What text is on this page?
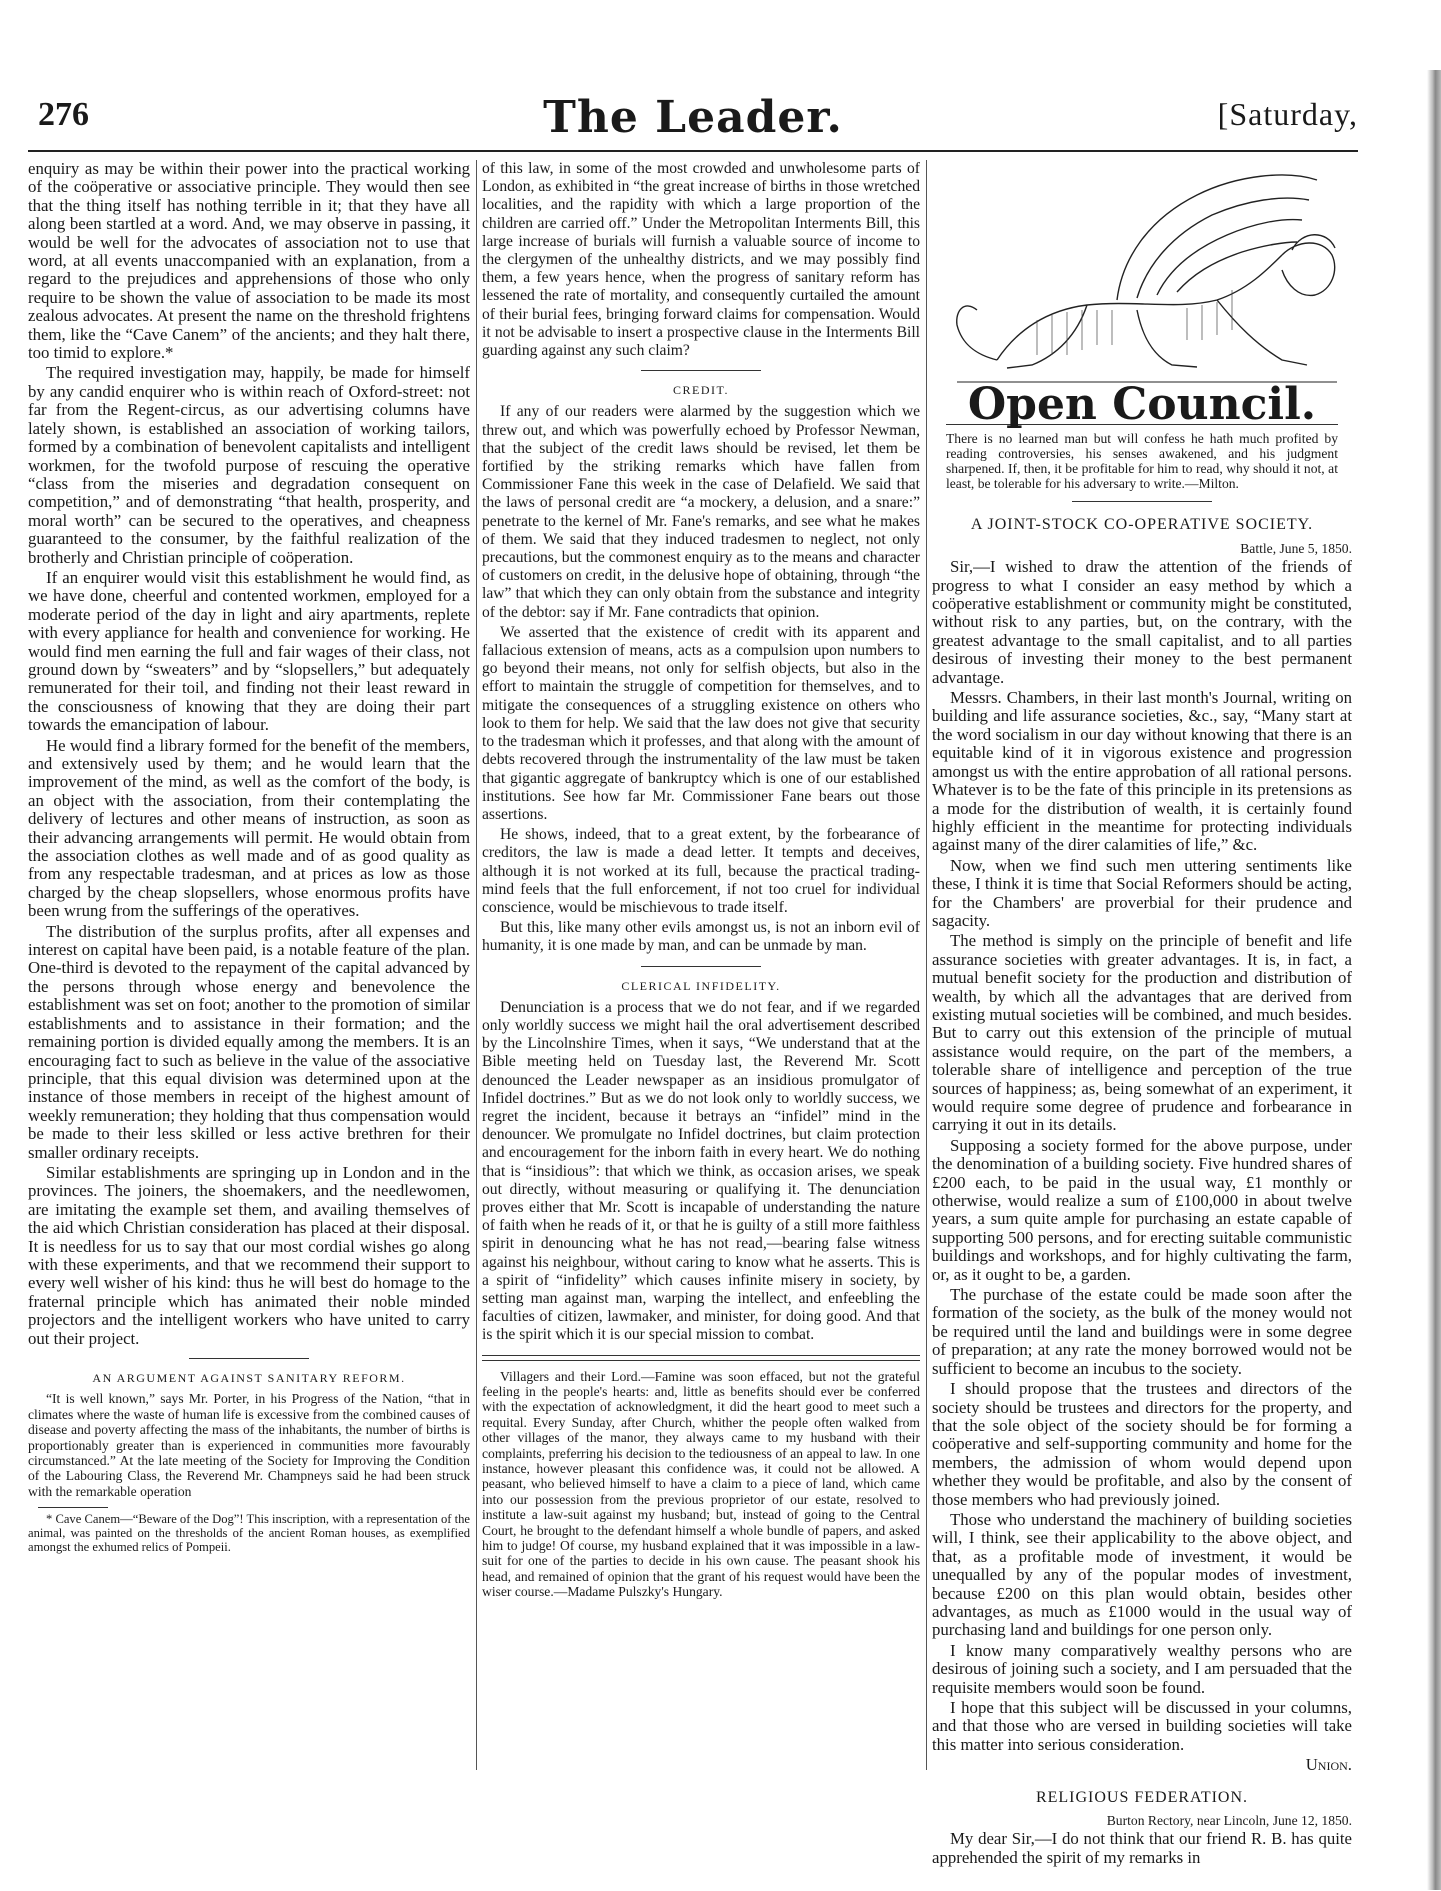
276	The Leader.	[Saturday,

enquiry as may be within their power into the practical working of the coöperative or associative principle. They would then see that the thing itself has nothing terrible in it; that they have all along been startled at a word. And, we may observe in passing, it would be well for the advocates of association not to use that word, at all events unaccompanied with an explanation, from a regard to the prejudices and apprehensions of those who only require to be shown the value of association to be made its most zealous advocates. At present the name on the threshold frightens them, like the “Cave Canem” of the ancients; and they halt there, too timid to explore.*

The required investigation may, happily, be made for himself by any candid enquirer who is within reach of Oxford-street: not far from the Regent-circus, as our advertising columns have lately shown, is established an association of working tailors, formed by a combination of benevolent capitalists and intelligent workmen, for the twofold purpose of rescuing the operative “class from the miseries and degradation consequent on competition,” and of demonstrating “that health, prosperity, and moral worth” can be secured to the operatives, and cheapness guaranteed to the consumer, by the faithful realization of the brotherly and Christian principle of coöperation.

If an enquirer would visit this establishment he would find, as we have done, cheerful and contented workmen, employed for a moderate period of the day in light and airy apartments, replete with every appliance for health and convenience for working. He would find men earning the full and fair wages of their class, not ground down by “sweaters” and by “slopsellers,” but adequately remunerated for their toil, and finding not their least reward in the consciousness of knowing that they are doing their part towards the emancipation of labour.

He would find a library formed for the benefit of the members, and extensively used by them; and he would learn that the improvement of the mind, as well as the comfort of the body, is an object with the association, from their contemplating the delivery of lectures and other means of instruction, as soon as their advancing arrangements will permit. He would obtain from the association clothes as well made and of as good quality as from any respectable tradesman, and at prices as low as those charged by the cheap slopsellers, whose enormous profits have been wrung from the sufferings of the operatives.

The distribution of the surplus profits, after all expenses and interest on capital have been paid, is a notable feature of the plan. One-third is devoted to the repayment of the capital advanced by the persons through whose energy and benevolence the establishment was set on foot; another to the promotion of similar establishments and to assistance in their formation; and the remaining portion is divided equally among the members. It is an encouraging fact to such as believe in the value of the associative principle, that this equal division was determined upon at the instance of those members in receipt of the highest amount of weekly remuneration; they holding that thus compensation would be made to their less skilled or less active brethren for their smaller ordinary receipts.

Similar establishments are springing up in London and in the provinces. The joiners, the shoemakers, and the needlewomen, are imitating the example set them, and availing themselves of the aid which Christian consideration has placed at their disposal. It is needless for us to say that our most cordial wishes go along with these experiments, and that we recommend their support to every well wisher of his kind: thus he will best do homage to the fraternal principle which has animated their noble minded projectors and the intelligent workers who have united to carry out their project.

AN ARGUMENT AGAINST SANITARY REFORM.

“It is well known,” says Mr. Porter, in his Progress of the Nation, “that in climates where the waste of human life is excessive from the combined causes of disease and poverty affecting the mass of the inhabitants, the number of births is proportionably greater than is experienced in communities more favourably circumstanced.” At the late meeting of the Society for Improving the Condition of the Labouring Class, the Reverend Mr. Champneys said he had been struck with the remarkable operation

* Cave Canem—“Beware of the Dog”! This inscription, with a representation of the animal, was painted on the thresholds of the ancient Roman houses, as exemplified amongst the exhumed relics of Pompeii.

of this law, in some of the most crowded and unwholesome parts of London, as exhibited in “the great increase of births in those wretched localities, and the rapidity with which a large proportion of the children are carried off.” Under the Metropolitan Interments Bill, this large increase of burials will furnish a valuable source of income to the clergymen of the unhealthy districts, and we may possibly find them, a few years hence, when the progress of sanitary reform has lessened the rate of mortality, and consequently curtailed the amount of their burial fees, bringing forward claims for compensation. Would it not be advisable to insert a prospective clause in the Interments Bill guarding against any such claim?

CREDIT.

If any of our readers were alarmed by the suggestion which we threw out, and which was powerfully echoed by Professor Newman, that the subject of the credit laws should be revised, let them be fortified by the striking remarks which have fallen from Commissioner Fane this week in the case of Delafield. We said that the laws of personal credit are “a mockery, a delusion, and a snare:” penetrate to the kernel of Mr. Fane's remarks, and see what he makes of them. We said that they induced tradesmen to neglect, not only precautions, but the commonest enquiry as to the means and character of customers on credit, in the delusive hope of obtaining, through “the law” that which they can only obtain from the substance and integrity of the debtor: say if Mr. Fane contradicts that opinion.

We asserted that the existence of credit with its apparent and fallacious extension of means, acts as a compulsion upon numbers to go beyond their means, not only for selfish objects, but also in the effort to maintain the struggle of competition for themselves, and to mitigate the consequences of a struggling existence on others who look to them for help. We said that the law does not give that security to the tradesman which it professes, and that along with the amount of debts recovered through the instrumentality of the law must be taken that gigantic aggregate of bankruptcy which is one of our established institutions. See how far Mr. Commissioner Fane bears out those assertions.

He shows, indeed, that to a great extent, by the forbearance of creditors, the law is made a dead letter. It tempts and deceives, although it is not worked at its full, because the practical trading-mind feels that the full enforcement, if not too cruel for individual conscience, would be mischievous to trade itself.

But this, like many other evils amongst us, is not an inborn evil of humanity, it is one made by man, and can be unmade by man.

CLERICAL INFIDELITY.

Denunciation is a process that we do not fear, and if we regarded only worldly success we might hail the oral advertisement described by the Lincolnshire Times, when it says, “We understand that at the Bible meeting held on Tuesday last, the Reverend Mr. Scott denounced the Leader newspaper as an insidious promulgator of Infidel doctrines.” But as we do not look only to worldly success, we regret the incident, because it betrays an “infidel” mind in the denouncer. We promulgate no Infidel doctrines, but claim protection and encouragement for the inborn faith in every heart. We do nothing that is “insidious”: that which we think, as occasion arises, we speak out directly, without measuring or qualifying it. The denunciation proves either that Mr. Scott is incapable of understanding the nature of faith when he reads of it, or that he is guilty of a still more faithless spirit in denouncing what he has not read,—bearing false witness against his neighbour, without caring to know what he asserts. This is a spirit of “infidelity” which causes infinite misery in society, by setting man against man, warping the intellect, and enfeebling the faculties of citizen, lawmaker, and minister, for doing good. And that is the spirit which it is our special mission to combat.

Villagers and their Lord.—Famine was soon effaced, but not the grateful feeling in the people's hearts: and, little as benefits should ever be conferred with the expectation of acknowledgment, it did the heart good to meet such a requital. Every Sunday, after Church, whither the people often walked from other villages of the manor, they always came to my husband with their complaints, preferring his decision to the tediousness of an appeal to law. In one instance, however pleasant this confidence was, it could not be allowed. A peasant, who believed himself to have a claim to a piece of land, which came into our possession from the previous proprietor of our estate, resolved to institute a law-suit against my husband; but, instead of going to the Central Court, he brought to the defendant himself a whole bundle of papers, and asked him to judge! Of course, my husband explained that it was impossible in a law-suit for one of the parties to decide in his own cause. The peasant shook his head, and remained of opinion that the grant of his request would have been the wiser course.—Madame Pulszky's Hungary.

Open Council.

There is no learned man but will confess he hath much profited by reading controversies, his senses awakened, and his judgment sharpened. If, then, it be profitable for him to read, why should it not, at least, be tolerable for his adversary to write.—Milton.

A JOINT-STOCK CO-OPERATIVE SOCIETY.

Battle, June 5, 1850.

Sir,—I wished to draw the attention of the friends of progress to what I consider an easy method by which a coöperative establishment or community might be constituted, without risk to any parties, but, on the contrary, with the greatest advantage to the small capitalist, and to all parties desirous of investing their money to the best permanent advantage.

Messrs. Chambers, in their last month's Journal, writing on building and life assurance societies, &c., say, “Many start at the word socialism in our day without knowing that there is an equitable kind of it in vigorous existence and progression amongst us with the entire approbation of all rational persons. Whatever is to be the fate of this principle in its pretensions as a mode for the distribution of wealth, it is certainly found highly efficient in the meantime for protecting individuals against many of the direr calamities of life,” &c.

Now, when we find such men uttering sentiments like these, I think it is time that Social Reformers should be acting, for the Chambers' are proverbial for their prudence and sagacity.

The method is simply on the principle of benefit and life assurance societies with greater advantages. It is, in fact, a mutual benefit society for the production and distribution of wealth, by which all the advantages that are derived from existing mutual societies will be combined, and much besides. But to carry out this extension of the principle of mutual assistance would require, on the part of the members, a tolerable share of intelligence and perception of the true sources of happiness; as, being somewhat of an experiment, it would require some degree of prudence and forbearance in carrying it out in its details.

Supposing a society formed for the above purpose, under the denomination of a building society. Five hundred shares of £200 each, to be paid in the usual way, £1 monthly or otherwise, would realize a sum of £100,000 in about twelve years, a sum quite ample for purchasing an estate capable of supporting 500 persons, and for erecting suitable communistic buildings and workshops, and for highly cultivating the farm, or, as it ought to be, a garden.

The purchase of the estate could be made soon after the formation of the society, as the bulk of the money would not be required until the land and buildings were in some degree of preparation; at any rate the money borrowed would not be sufficient to become an incubus to the society.

I should propose that the trustees and directors of the society should be trustees and directors for the property, and that the sole object of the society should be for forming a coöperative and self-supporting community and home for the members, the admission of whom would depend upon whether they would be profitable, and also by the consent of those members who had previously joined.

Those who understand the machinery of building societies will, I think, see their applicability to the above object, and that, as a profitable mode of investment, it would be unequalled by any of the popular modes of investment, because £200 on this plan would obtain, besides other advantages, as much as £1000 would in the usual way of purchasing land and buildings for one person only.

I know many comparatively wealthy persons who are desirous of joining such a society, and I am persuaded that the requisite members would soon be found.

I hope that this subject will be discussed in your columns, and that those who are versed in building societies will take this matter into serious consideration.

Union.

RELIGIOUS FEDERATION.

Burton Rectory, near Lincoln, June 12, 1850.

My dear Sir,—I do not think that our friend R. B. has quite apprehended the spirit of my remarks in
